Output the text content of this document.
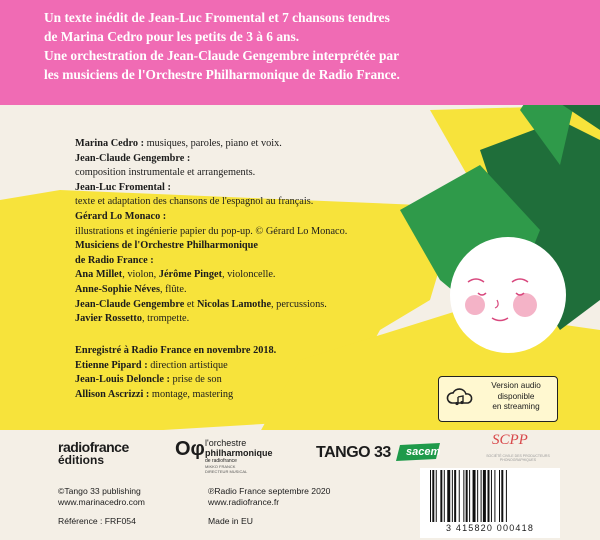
Un texte inédit de Jean-Luc Fromental et 7 chansons tendres
de Marina Cedro pour les petits de 3 à 6 ans.
Une orchestration de Jean-Claude Gengembre interprétée par
les musiciens de l'Orchestre Philharmonique de Radio France.
Marina Cedro : musiques, paroles, piano et voix.
Jean-Claude Gengembre :
composition instrumentale et arrangements.
Jean-Luc Fromental :
texte et adaptation des chansons de l'espagnol au français.
Gérard Lo Monaco :
illustrations et ingénierie papier du pop-up. © Gérard Lo Monaco.
Musiciens de l'Orchestre Philharmonique
de Radio France :
Ana Millet, violon, Jérôme Pinget, violoncelle.
Anne-Sophie Néves, flûte.
Jean-Claude Gengembre et Nicolas Lamothe, percussions.
Javier Rossetto, trompette.
Enregistré à Radio France en novembre 2018.
Etienne Pipard : direction artistique
Jean-Louis Deloncle : prise de son
Allison Ascrizzi : montage, mastering
Version audio
disponible
en streaming
radiofrance
éditions	Oφ l'orchestre
philharmonique
de radiofrance
MIKKO FRANCK
DIRECTEUR MUSICAL
TANGO 33 sacem
SCPP
SOCIÉTÉ CIVILE DES PRODUCTEURS PHONOGRAPHIQUES
©Tango 33 publishing
www.marinacedro.com
Référence : FRF054
℗Radio France septembre 2020
www.radiofrance.fr
Made in EU
3 415820 000418
